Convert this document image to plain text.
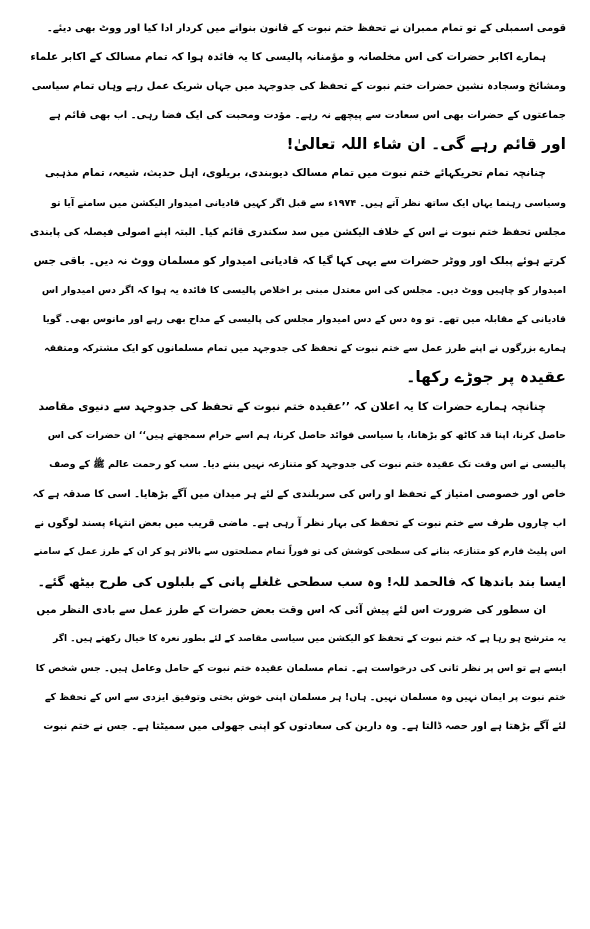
قومی اسمبلی کے تو تمام ممبران نے تحفظ ختم نبوت کے قانون بنوانے میں کردار ادا کیا اور ووٹ بھی دیئے۔
ہمارے اکابر حضرات کی اس مخلصانہ و مؤمنانہ پالیسی کا یہ فائدہ ہوا کہ تمام مسالک کے اکابر علماء
ومشائخ وسجادہ نشین حضرات ختم نبوت کے تحفظ کی جدوجہد میں جہاں شریک عمل رہے وہاں تمام سیاسی
جماعتوں کے حضرات بھی اس سعادت سے پیچھے نہ رہے۔ مؤدت ومحبت کی ایک فضا رہی۔ اب بھی قائم ہے
اور قائم رہے گی۔ ان شاء اللہ تعالیٰ!
چنانچہ تمام تحریکہائے ختم نبوت میں تمام مسالک دیوبندی، بریلوی، اہل حدیث، شیعہ، تمام مذہبی
وسیاسی رہنما یہاں ایک ساتھ نظر آتے ہیں۔ ۱۹۷۴ء سے قبل اگر کہیں قادیانی امیدوار الیکشن میں سامنے آیا تو
مجلس تحفظ ختم نبوت نے اس کے خلاف الیکشن میں سد سکندری قائم کیا۔ البتہ اپنے اصولی فیصلہ کی پابندی
کرتے ہوئے پبلک اور ووٹر حضرات سے یہی کہا گیا کہ قادیانی امیدوار کو مسلمان ووٹ نہ دیں۔ باقی جس
امیدوار کو چاہیں ووٹ دیں۔ مجلس کی اس معتدل مبنی بر اخلاص پالیسی کا فائدہ یہ ہوا کہ اگر دس امیدوار اس
قادیانی کے مقابلہ میں تھے۔ تو وہ دس کے دس امیدوار مجلس کی پالیسی کے مداح بھی رہے اور مانوس بھی۔ گویا
ہمارے بزرگوں نے اپنے طرز عمل سے ختم نبوت کے تحفظ کی جدوجہد میں تمام مسلمانوں کو ایک مشترکہ ومتفقہ
عقیدہ پر جوڑے رکھا۔
چنانچہ ہمارے حضرات کا یہ اعلان کہ ’’عقیدہ ختم نبوت کے تحفظ کی جدوجہد سے دنیوی مقاصد
حاصل کرنا، اپنا قد کاٹھ کو بڑھانا، یا سیاسی فوائد حاصل کرنا، ہم اسے حرام سمجھتے ہیں‘‘ ان حضرات کی اس
پالیسی نے اس وقت تک عقیدہ ختم نبوت کی جدوجہد کو متنازعہ نہیں بننے دیا۔ سب کو رحمت عالم ﷺ کے وصف
خاص اور خصوصی امتیاز کے تحفظ او راس کی سربلندی کے لئے ہر میدان میں آگے بڑھایا۔ اسی کا صدقہ ہے کہ
اب چاروں طرف سے ختم نبوت کے تحفظ کی بہار نظر آ رہی ہے۔ ماضی قریب میں بعض انتہاء پسند لوگوں نے
اس پلیٹ فارم کو متنازعہ بنانے کی سطحی کوشش کی تو فوراً تمام مصلحتوں سے بالاتر ہو کر ان کے طرز عمل کے سامنے
ایسا بند باندھا کہ فالحمد للہ! وہ سب سطحی غلغلے پانی کے بلبلوں کی طرح بیٹھ گئے۔
ان سطور کی ضرورت اس لئے پیش آئی کہ اس وقت بعض حضرات کے طرز عمل سے بادی النظر میں
یہ مترشح ہو رہا ہے کہ ختم نبوت کے تحفظ کو الیکشن میں سیاسی مقاصد کے لئے بطور نعرہ کا خیال رکھتے ہیں۔ اگر
ایسے ہے تو اس پر نظر ثانی کی درخواست ہے۔ تمام مسلمان عقیدہ ختم نبوت کے حامل وعامل ہیں۔ جس شخص کا
ختم نبوت پر ایمان نہیں وہ مسلمان نہیں۔ ہاں! ہر مسلمان اپنی خوش بختی وتوفیق ایزدی سے اس کے تحفظ کے
لئے آگے بڑھتا ہے اور حصہ ڈالتا ہے۔ وہ دارین کی سعادتوں کو اپنی جھولی میں سمیٹتا ہے۔ جس نے ختم نبوت
